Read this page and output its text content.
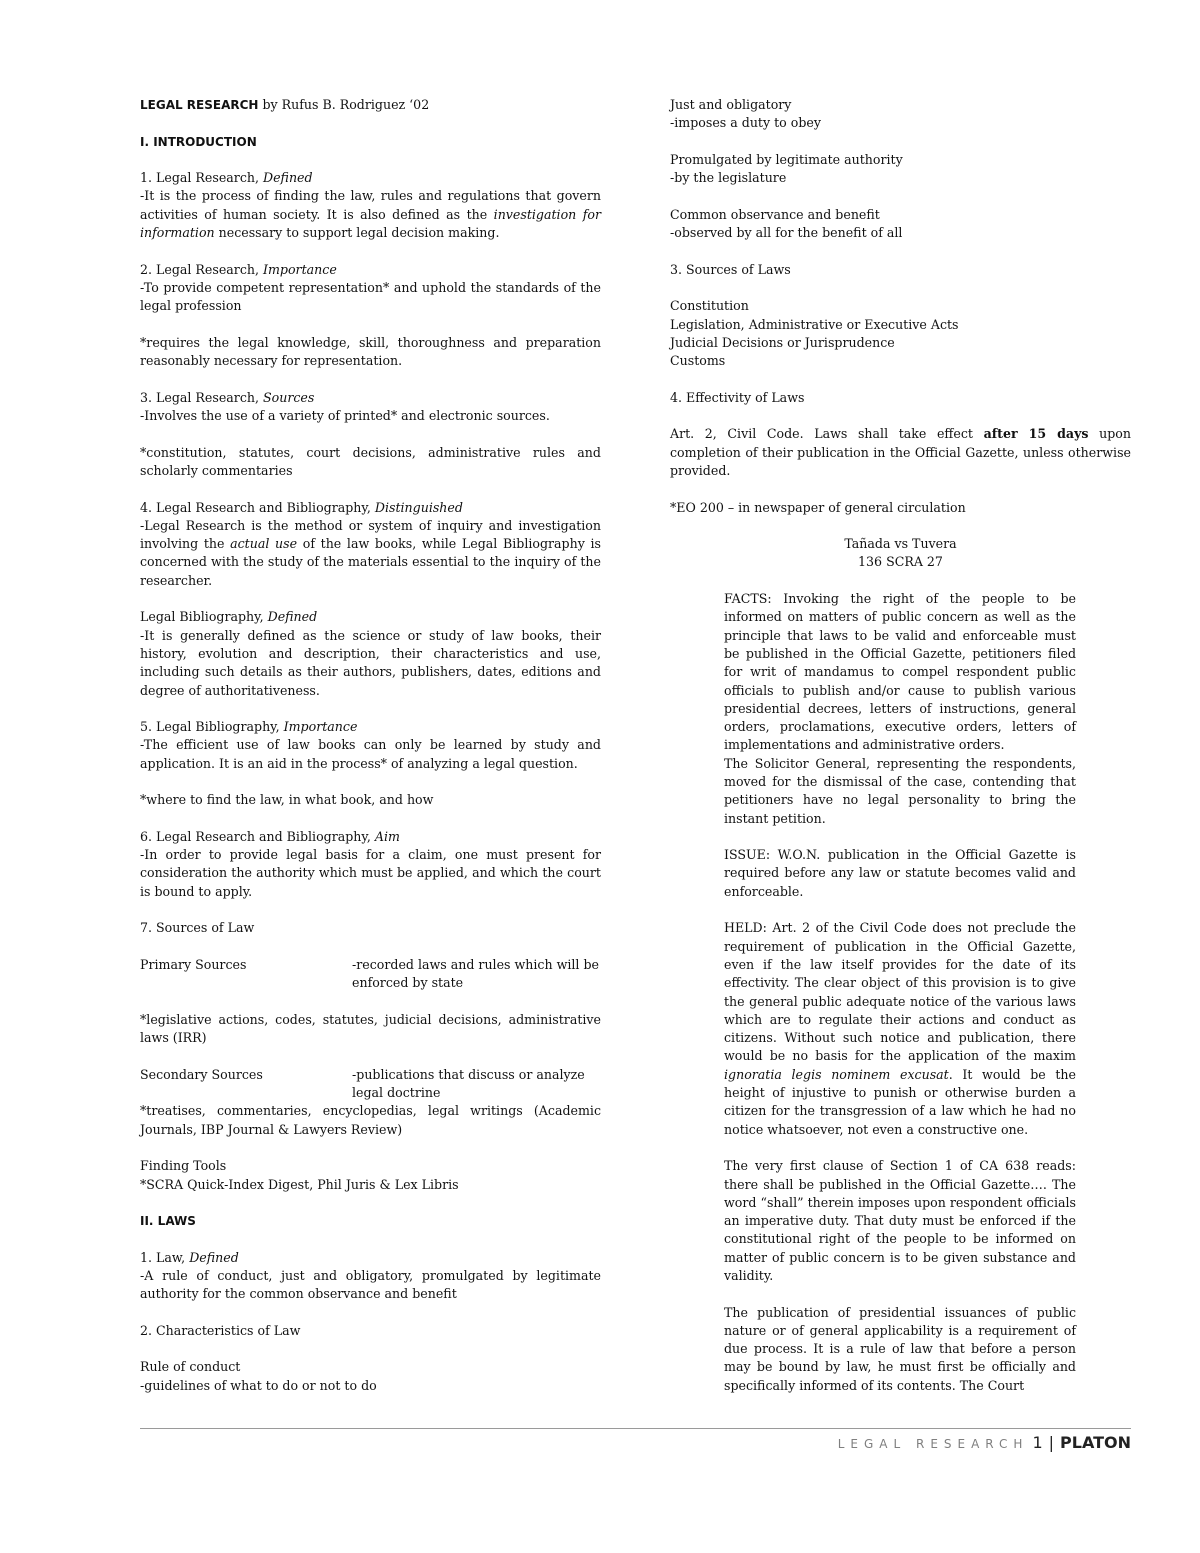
LEGAL RESEARCH by Rufus B. Rodriguez ‘02

I. INTRODUCTION

1. Legal Research, Defined
-It is the process of finding the law, rules and regulations that govern activities of human society. It is also defined as the investigation for information necessary to support legal decision making.
2. Legal Research, Importance
-To provide competent representation* and uphold the standards of the legal profession

*requires the legal knowledge, skill, thoroughness and preparation reasonably necessary for representation.

3. Legal Research, Sources
-Involves the use of a variety of printed* and electronic sources.

*constitution, statutes, court decisions, administrative rules and scholarly commentaries

4. Legal Research and Bibliography, Distinguished
-Legal Research is the method or system of inquiry and investigation involving the actual use of the law books, while Legal Bibliography is concerned with the study of the materials essential to the inquiry of the researcher.
Legal Bibliography, Defined
-It is generally defined as the science or study of law books, their history, evolution and description, their characteristics and use, including such details as their authors, publishers, dates, editions and degree of authoritativeness.
5. Legal Bibliography, Importance
-The efficient use of law books can only be learned by study and application. It is an aid in the process* of analyzing a legal question.

*where to find the law, in what book, and how

6. Legal Research and Bibliography, Aim
-In order to provide legal basis for a claim, one must present for consideration the authority which must be applied, and which the court is bound to apply.

7. Sources of Law

Primary Sources	-recorded laws and rules which will be enforced by state

*legislative actions, codes, statutes, judicial decisions, administrative laws (IRR)

Secondary Sources	-publications that discuss or analyze legal doctrine

*treatises, commentaries, encyclopedias, legal writings (Academic Journals, IBP Journal & Lawyers Review)

Finding Tools
*SCRA Quick-Index Digest, Phil Juris & Lex Libris

II. LAWS

1. Law, Defined
-A rule of conduct, just and obligatory, promulgated by legitimate authority for the common observance and benefit

2. Characteristics of Law

Rule of conduct
-guidelines of what to do or not to do
Just and obligatory
-imposes a duty to obey
Promulgated by legitimate authority
-by the legislature
Common observance and benefit
-observed by all for the benefit of all

3. Sources of Laws

Constitution
Legislation, Administrative or Executive Acts
Judicial Decisions or Jurisprudence
Customs

4. Effectivity of Laws

Art. 2, Civil Code. Laws shall take effect after 15 days upon completion of their publication in the Official Gazette, unless otherwise provided.

*EO 200 – in newspaper of general circulation

Tañada vs Tuvera
136 SCRA 27

FACTS: Invoking the right of the people to be informed on matters of public concern as well as the principle that laws to be valid and enforceable must be published in the Official Gazette, petitioners filed for writ of mandamus to compel respondent public officials to publish and/or cause to publish various presidential decrees, letters of instructions, general orders, proclamations, executive orders, letters of implementations and administrative orders.

The Solicitor General, representing the respondents, moved for the dismissal of the case, contending that petitioners have no legal personality to bring the instant petition.

ISSUE: W.O.N. publication in the Official Gazette is required before any law or statute becomes valid and enforceable.

HELD: Art. 2 of the Civil Code does not preclude the requirement of publication in the Official Gazette, even if the law itself provides for the date of its effectivity. The clear object of this provision is to give the general public adequate notice of the various laws which are to regulate their actions and conduct as citizens. Without such notice and publication, there would be no basis for the application of the maxim ignoratia legis nominem excusat. It would be the height of injustive to punish or otherwise burden a citizen for the transgression of a law which he had no notice whatsoever, not even a constructive one.

The very first clause of Section 1 of CA 638 reads: there shall be published in the Official Gazette…. The word “shall” therein imposes upon respondent officials an imperative duty. That duty must be enforced if the constitutional right of the people to be informed on matter of public concern is to be given substance and validity.

The publication of presidential issuances of public nature or of general applicability is a requirement of due process. It is a rule of law that before a person may be bound by law, he must first be officially and specifically informed of its contents. The Court

LEGAL RESEARCH 1 | PLATON
